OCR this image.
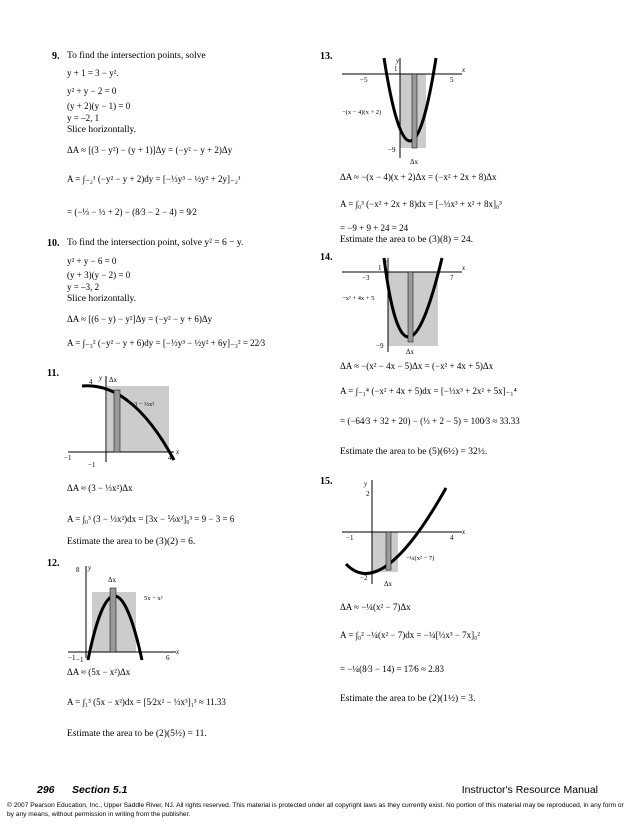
9. To find the intersection points, solve
y + 1 = 3 − y².
y² + y − 2 = 0
(y + 2)(y − 1) = 0
y = –2, 1
Slice horizontally.
ΔA ≈ [(3 − y²) − (y + 1)]Δy = (−y² − y + 2)Δy
A = ∫₋₂¹ (−y² − y + 2)dy = [−⅓y³ − ½y² + 2y]₋₂¹
= (−⅓ − ½ + 2) − (8⁄3 − 2 − 4) = 9⁄2
10. To find the intersection point, solve y² = 6 − y.
y² + y − 6 = 0
(y + 3)(y − 2) = 0
y = –3, 2
Slice horizontally.
ΔA ≈ [(6 − y) − y²]Δy = (−y² − y + 6)Δy
A = ∫₋₃² (−y² − y + 6)dy = [−⅓y³ − ½y² + 6y]₋₃² = 22⁄3
11.
4 Δx
3 − ⅓x²
−1	4
x
y
−1
ΔA ≈ (3 − ⅓x²)Δx
A = ∫₀³ (3 − ⅓x²)dx = [3x − ⅑x³]₀³ = 9 − 3 = 6
Estimate the area to be (3)(2) = 6.
12.
8 y
Δx
5x − x²
−1	6
x
−1
ΔA ≈ (5x − x²)Δx
A = ∫₁³ (5x − x²)dx = [5⁄2x² − ⅓x³]₁³ ≈ 11.33
Estimate the area to be (2)(5½) = 11.
13.	y
1
−5	5
x
−(x − 4)(x + 2)
−9
Δx
ΔA ≈ −(x − 4)(x + 2)Δx = (−x² + 2x + 8)Δx
A = ∫₀³ (−x² + 2x + 8)dx = [−⅓x³ + x² + 8x]₀³
= −9 + 9 + 24 = 24
Estimate the area to be (3)(8) = 24.
14.	y
1
−3	7
x
−x² + 4x + 5
−9
Δx
ΔA ≈ −(x² − 4x − 5)Δx = (−x² + 4x + 5)Δx
A = ∫₋₁⁴ (−x² + 4x + 5)dx = [−⅓x³ + 2x² + 5x]₋₁⁴
= (−64⁄3 + 32 + 20) − (⅓ + 2 − 5) = 100⁄3 ≈ 33.33
Estimate the area to be (5)(6½) = 32½.
15.	y
2
−1	4
x
−¼(x² − 7)
−2
Δx
ΔA ≈ −¼(x² − 7)Δx
A = ∫₀² −¼(x² − 7)dx = −¼[⅓x³ − 7x]₀²
= −¼(8⁄3 − 14) = 17⁄6 ≈ 2.83
Estimate the area to be (2)(1½) = 3.
296 Section 5.1	Instructor's Resource Manual
© 2007 Pearson Education, Inc., Upper Saddle River, NJ. All rights reserved. This material is protected under all copyright laws as they currently exist. No portion of this material may be reproduced, in any form or by any means, without permission in writing from the publisher.
